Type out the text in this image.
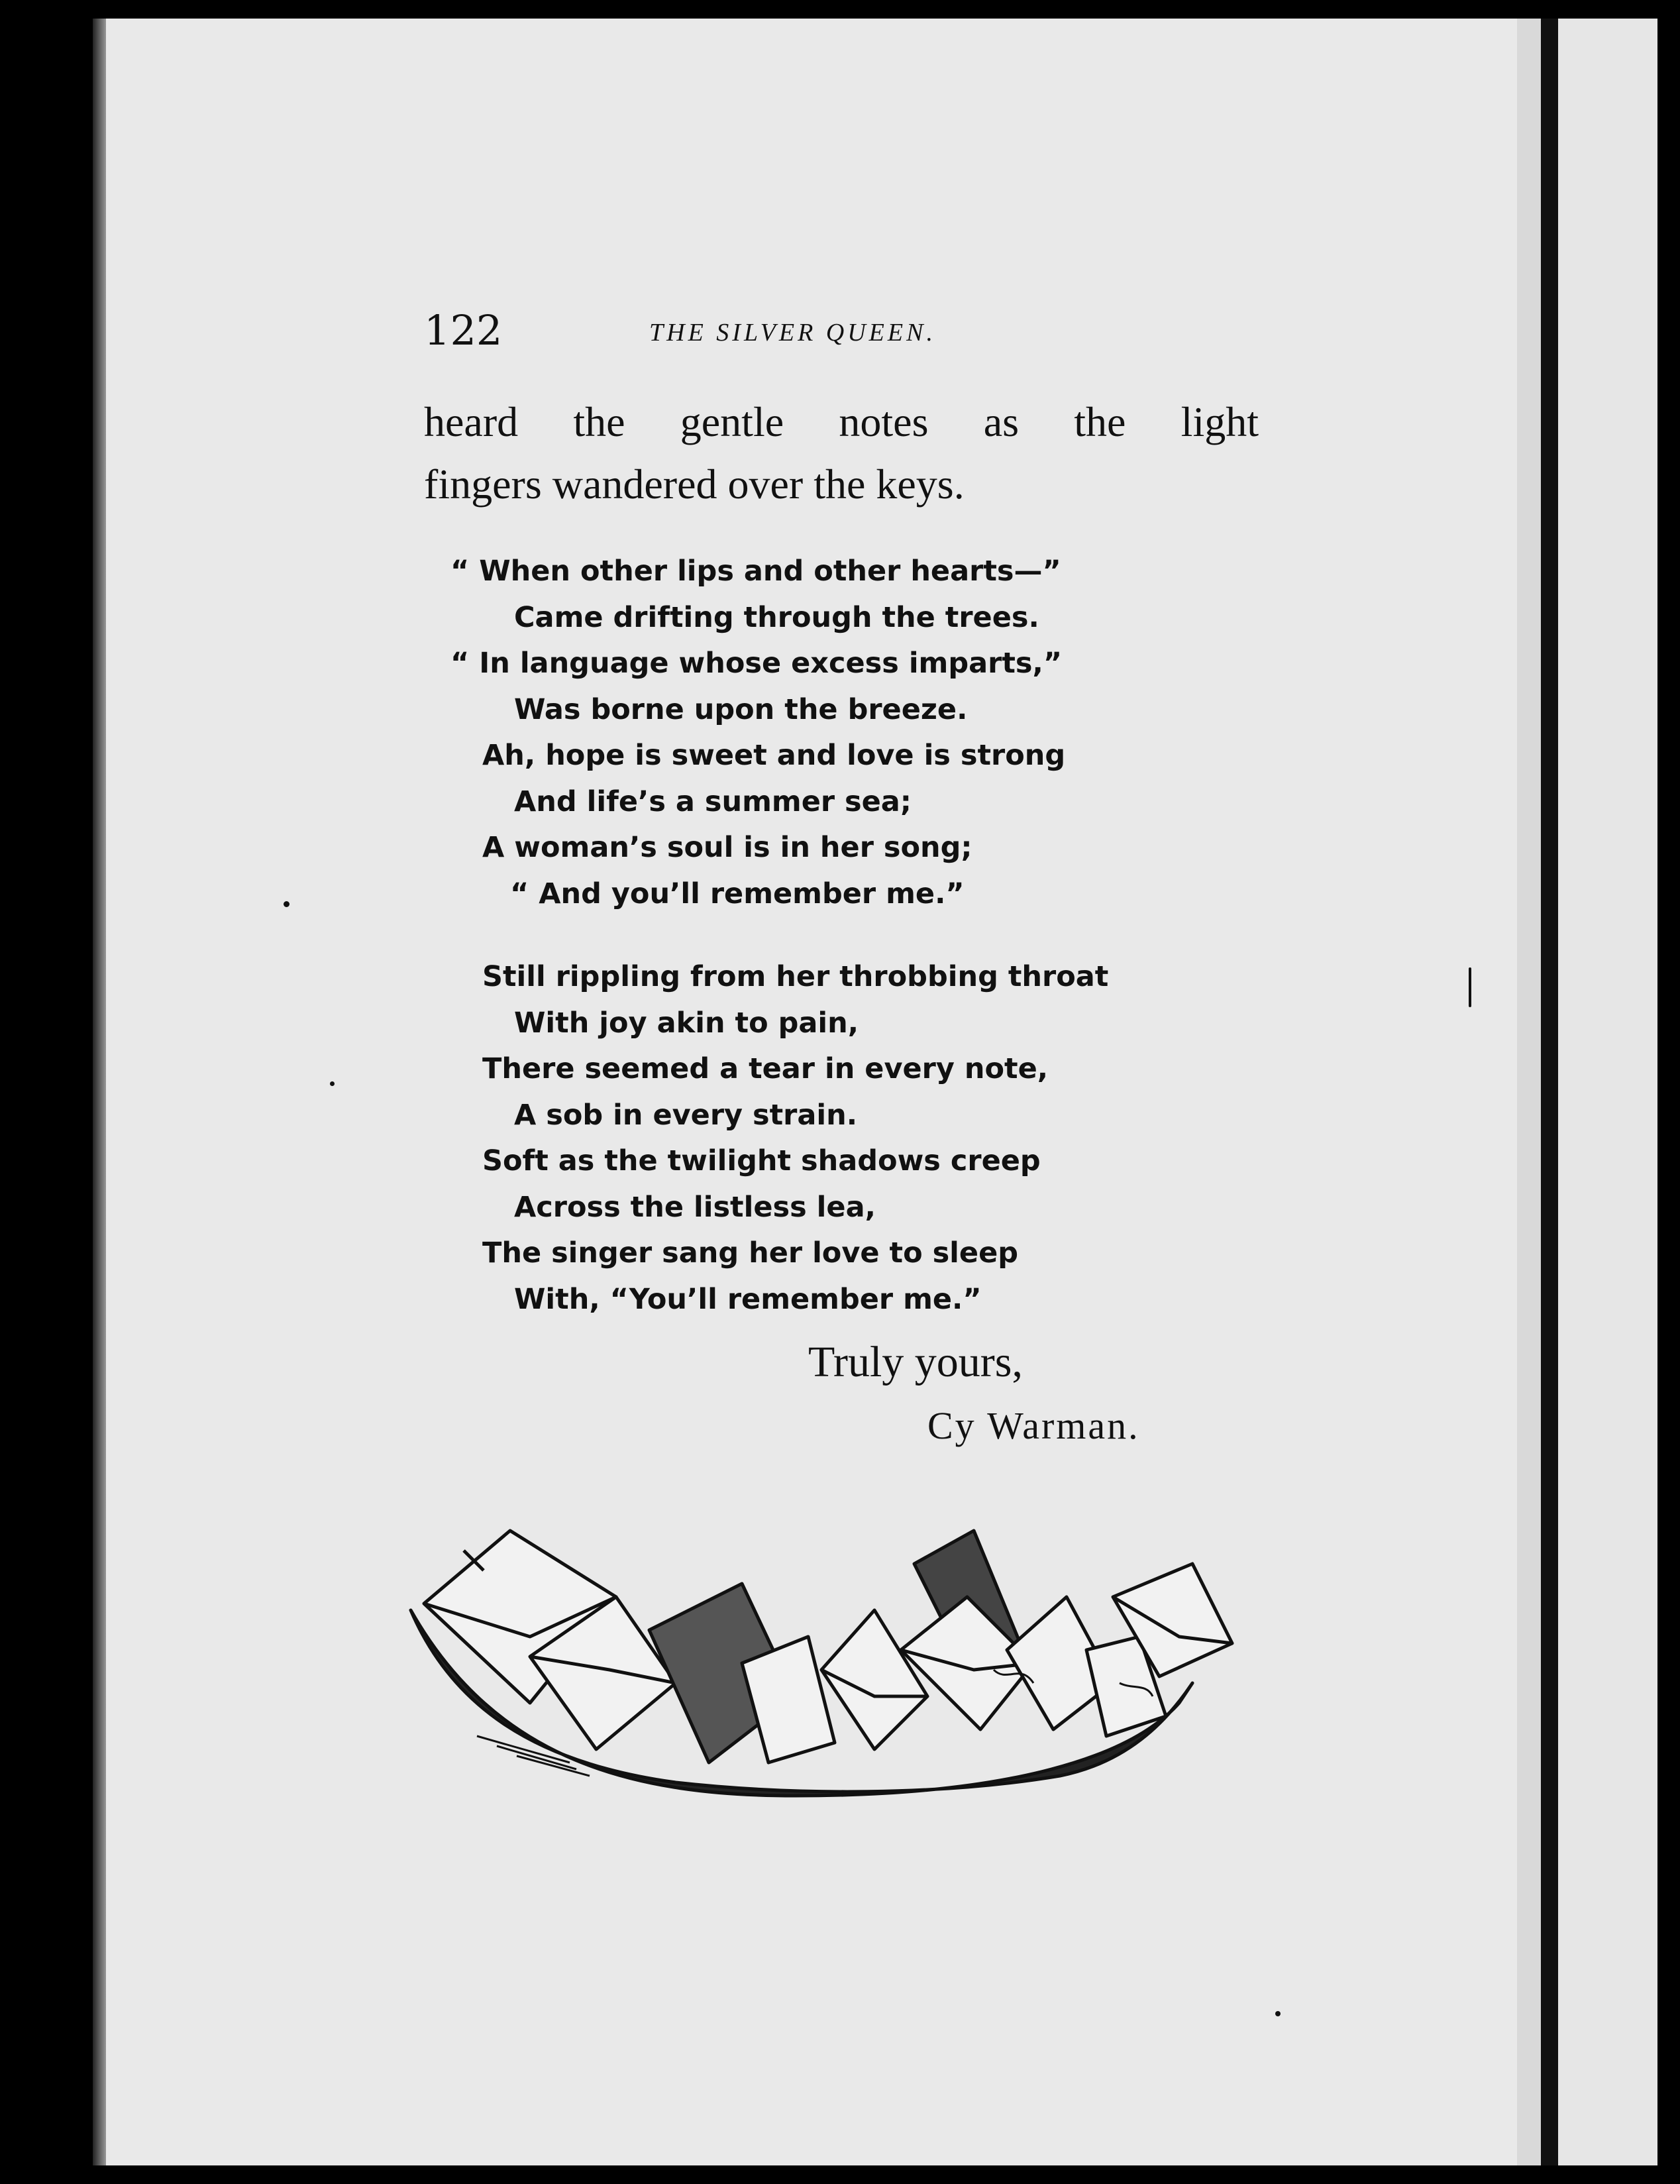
122	THE SILVER QUEEN.
heard the gentle notes as the light
fingers wandered over the keys.
“ When other lips and other hearts—”
Came drifting through the trees.
“ In language whose excess imparts,”
Was borne upon the breeze.
Ah, hope is sweet and love is strong
And life’s a summer sea;
A woman’s soul is in her song;
“ And you’ll remember me.”
Still rippling from her throbbing throat
With joy akin to pain,
There seemed a tear in every note,
A sob in every strain.
Soft as the twilight shadows creep
Across the listless lea,
The singer sang her love to sleep
With, “You’ll remember me.”
Truly yours,
Cy Warman.
